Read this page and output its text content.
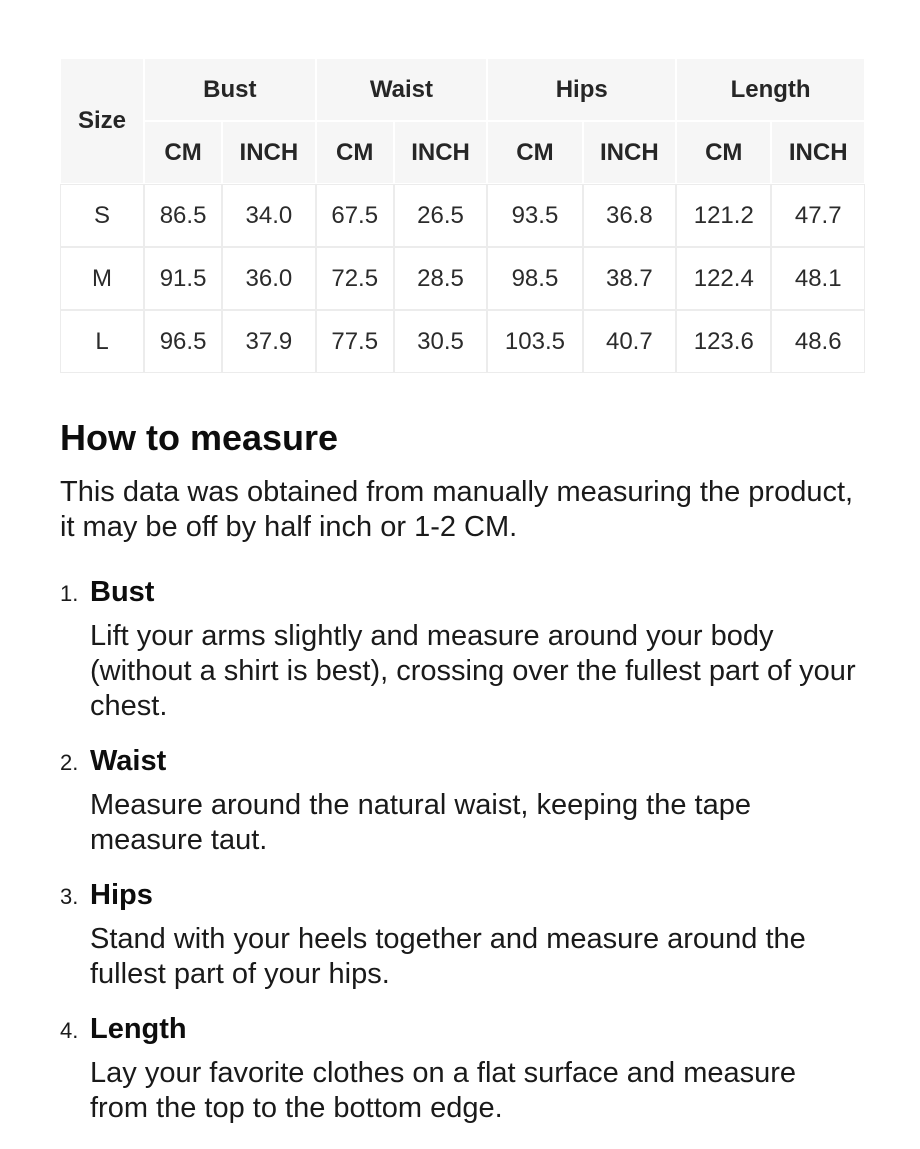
Size	Bust		Waist		Hips		Length	
	CM	INCH	CM	INCH	CM	INCH	CM	INCH
S	86.5	34.0	67.5	26.5	93.5	36.8	121.2	47.7
M	91.5	36.0	72.5	28.5	98.5	38.7	122.4	48.1
L	96.5	37.9	77.5	30.5	103.5	40.7	123.6	48.6
How to measure

This data was obtained from manually measuring the product, it may be off by half inch or 1-2 CM.

1. Bust

Lift your arms slightly and measure around your body (without a shirt is best), crossing over the fullest part of your chest.

2. Waist

Measure around the natural waist, keeping the tape measure taut.

3. Hips

Stand with your heels together and measure around the fullest part of your hips.

4. Length

Lay your favorite clothes on a flat surface and measure from the top to the bottom edge.
